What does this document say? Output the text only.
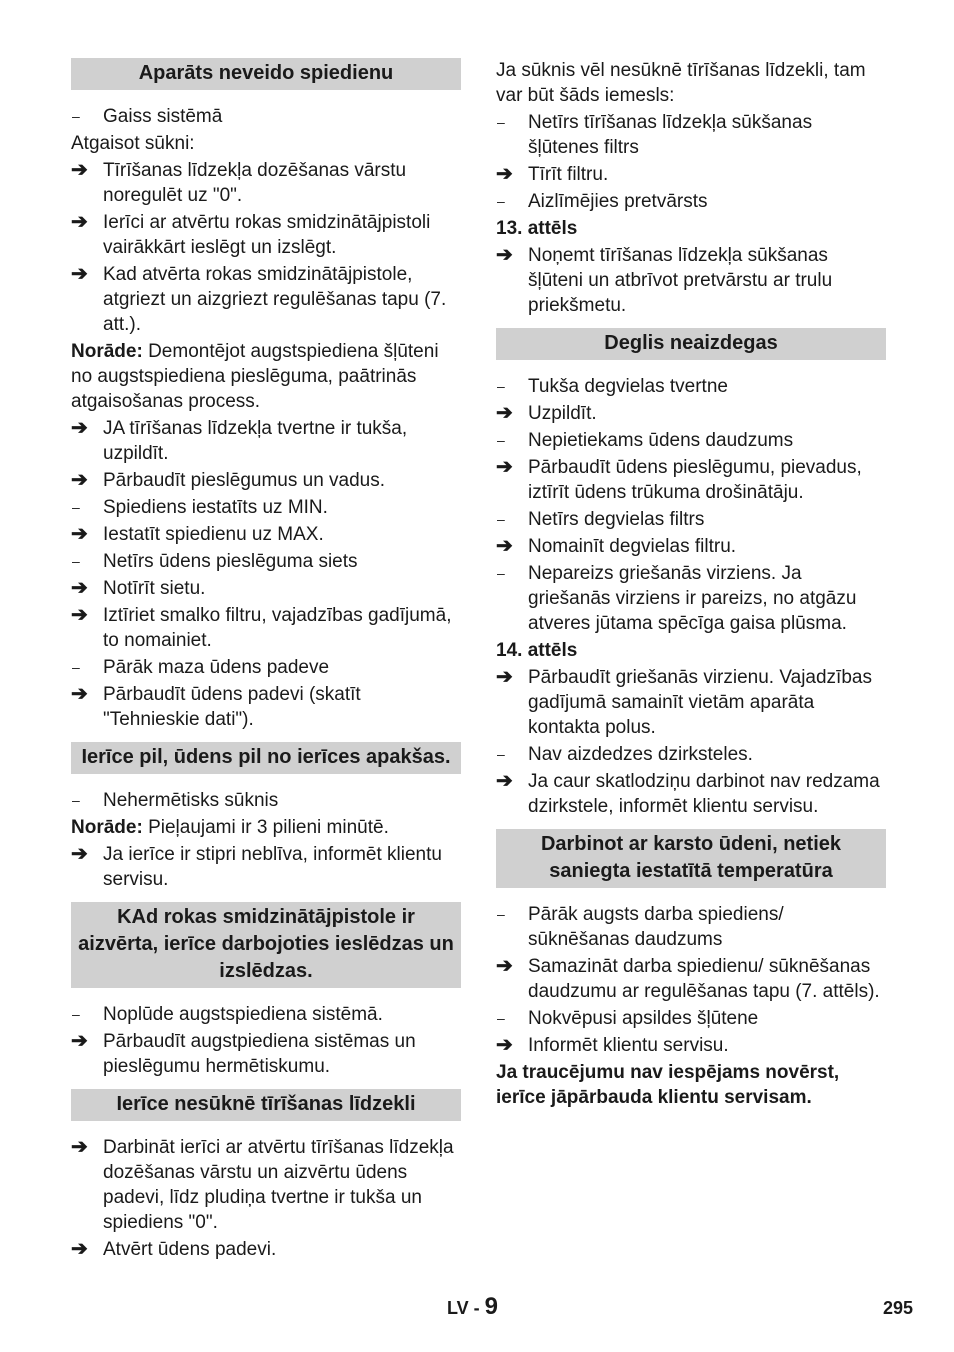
Aparāts neveido spiedienu
–	Gaiss sistēmā
Atgaisot sūkni:
➔ Tīrīšanas līdzekļa dozēšanas vārstu noregulēt uz "0".
➔ Ierīci ar atvērtu rokas smidzinātājpistoli vairākkārt ieslēgt un izslēgt.
➔ Kad atvērta rokas smidzinātājpistole, atgriezt un aizgriezt regulēšanas tapu (7. att.).
Norāde: Demontējot augstspiediena šļūteni no augstspiediena pieslēguma, paātrinās atgaisošanas process.
➔ JA tīrīšanas līdzekļa tvertne ir tukša, uzpildīt.
➔ Pārbaudīt pieslēgumus un vadus.
–	Spiediens iestatīts uz MIN.
➔ Iestatīt spiedienu uz MAX.
–	Netīrs ūdens pieslēguma siets
➔ Notīrīt sietu.
➔ Iztīriet smalko filtru, vajadzības gadījumā, to nomainiet.
–	Pārāk maza ūdens padeve
➔ Pārbaudīt ūdens padevi (skatīt "Tehnieskie dati").
Ierīce pil, ūdens pil no ierīces apakšas.
–	Nehermētisks sūknis
Norāde: Pieļaujami ir 3 pilieni minūtē.
➔ Ja ierīce ir stipri neblīva, informēt klientu servisu.
KAd rokas smidzinātājpistole ir aizvērta, ierīce darbojoties ieslēdzas un izslēdzas.
–	Noplūde augstspiediena sistēmā.
➔ Pārbaudīt augstpiediena sistēmas un pieslēgumu hermētiskumu.
Ierīce nesūknē tīrīšanas līdzekli
➔ Darbināt ierīci ar atvērtu tīrīšanas līdzekļa dozēšanas vārstu un aizvērtu ūdens padevi, līdz pludiņa tvertne ir tukša un spiediens "0".
➔ Atvērt ūdens padevi.
Ja sūknis vēl nesūknē tīrīšanas līdzekli, tam var būt šāds iemesls:
–	Netīrs tīrīšanas līdzekļa sūkšanas šļūtenes filtrs
➔ Tīrīt filtru.
–	Aizlīmējies pretvārsts
13. attēls
➔ Noņemt tīrīšanas līdzekļa sūkšanas šļūteni un atbrīvot pretvārstu ar trulu priekšmetu.
Deglis neaizdegas
–	Tukša degvielas tvertne
➔ Uzpildīt.
–	Nepietiekams ūdens daudzums
➔ Pārbaudīt ūdens pieslēgumu, pievadus, iztīrīt ūdens trūkuma drošinātāju.
–	Netīrs degvielas filtrs
➔ Nomainīt degvielas filtru.
–	Nepareizs griešanās virziens. Ja griešanās virziens ir pareizs, no atgāzu atveres jūtama spēcīga gaisa plūsma.
14. attēls
➔ Pārbaudīt griešanās virzienu. Vajadzības gadījumā samainīt vietām aparāta kontakta polus.
–	Nav aizdedzes dzirksteles.
➔ Ja caur skatlodziņu darbinot nav redzama dzirkstele, informēt klientu servisu.
Darbinot ar karsto ūdeni, netiek saniegta iestatītā temperatūra
–	Pārāk augsts darba spiediens/ sūknēšanas daudzums
➔ Samazināt darba spiedienu/ sūknēšanas daudzumu ar regulēšanas tapu (7. attēls).
–	Nokvēpusi apsildes šļūtene
➔ Informēt klientu servisu.
Ja traucējumu nav iespējams novērst, ierīce jāpārbauda klientu servisam.
LV - 9	295
